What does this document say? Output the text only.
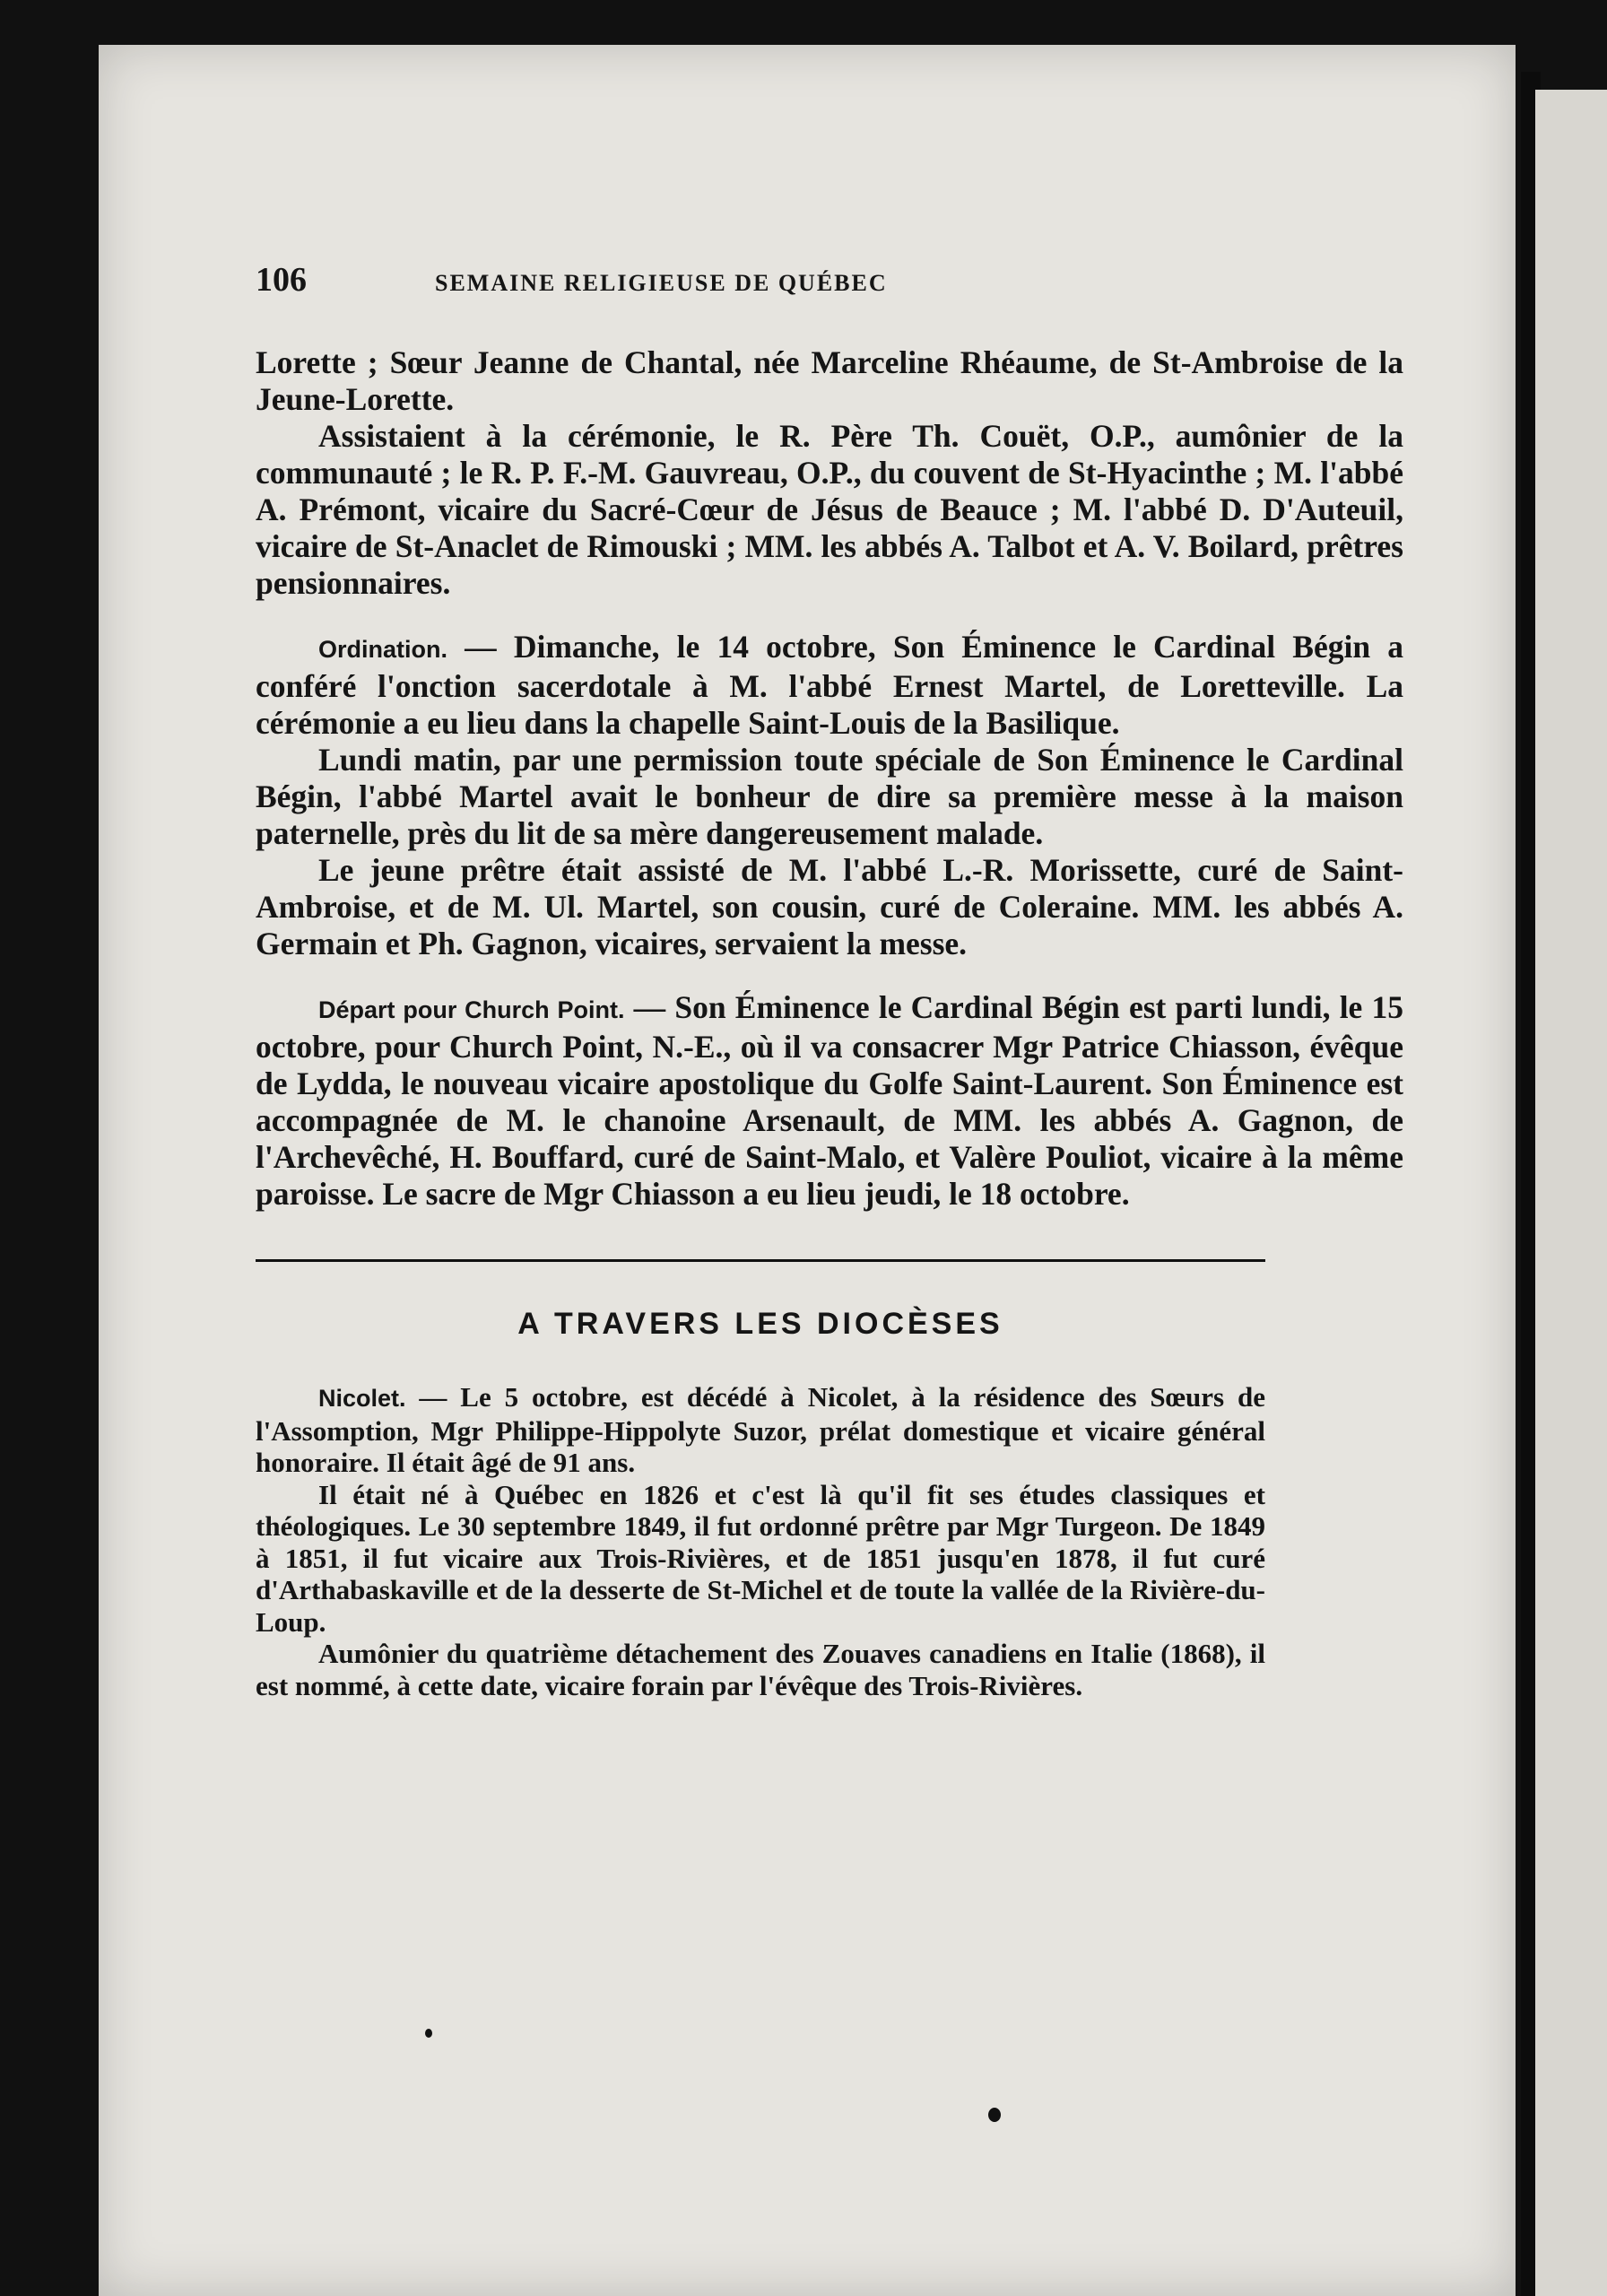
106	SEMAINE RELIGIEUSE DE QUÉBEC

Lorette ; Sœur Jeanne de Chantal, née Marceline Rhéaume, de St-Ambroise de la Jeune-Lorette.

Assistaient à la cérémonie, le R. Père Th. Couët, O.P., aumônier de la communauté ; le R. P. F.-M. Gauvreau, O.P., du couvent de St-Hyacinthe ; M. l'abbé A. Prémont, vicaire du Sacré-Cœur de Jésus de Beauce ; M. l'abbé D. D'Auteuil, vicaire de St-Anaclet de Rimouski ; MM. les abbés A. Talbot et A. V. Boilard, prêtres pensionnaires.

Ordination. — Dimanche, le 14 octobre, Son Éminence le Cardinal Bégin a conféré l'onction sacerdotale à M. l'abbé Ernest Martel, de Loretteville. La cérémonie a eu lieu dans la chapelle Saint-Louis de la Basilique.

Lundi matin, par une permission toute spéciale de Son Éminence le Cardinal Bégin, l'abbé Martel avait le bonheur de dire sa première messe à la maison paternelle, près du lit de sa mère dangereusement malade.

Le jeune prêtre était assisté de M. l'abbé L.-R. Morissette, curé de Saint-Ambroise, et de M. Ul. Martel, son cousin, curé de Coleraine. MM. les abbés A. Germain et Ph. Gagnon, vicaires, servaient la messe.

Départ pour Church Point. — Son Éminence le Cardinal Bégin est parti lundi, le 15 octobre, pour Church Point, N.-E., où il va consacrer Mgr Patrice Chiasson, évêque de Lydda, le nouveau vicaire apostolique du Golfe Saint-Laurent. Son Éminence est accompagnée de M. le chanoine Arsenault, de MM. les abbés A. Gagnon, de l'Archevêché, H. Bouffard, curé de Saint-Malo, et Valère Pouliot, vicaire à la même paroisse. Le sacre de Mgr Chiasson a eu lieu jeudi, le 18 octobre.

A TRAVERS LES DIOCÈSES

Nicolet. — Le 5 octobre, est décédé à Nicolet, à la résidence des Sœurs de l'Assomption, Mgr Philippe-Hippolyte Suzor, prélat domestique et vicaire général honoraire. Il était âgé de 91 ans.

Il était né à Québec en 1826 et c'est là qu'il fit ses études classiques et théologiques. Le 30 septembre 1849, il fut ordonné prêtre par Mgr Turgeon. De 1849 à 1851, il fut vicaire aux Trois-Rivières, et de 1851 jusqu'en 1878, il fut curé d'Arthabaskaville et de la desserte de St-Michel et de toute la vallée de la Rivière-du-Loup.

Aumônier du quatrième détachement des Zouaves canadiens en Italie (1868), il est nommé, à cette date, vicaire forain par l'évêque des Trois-Rivières.
